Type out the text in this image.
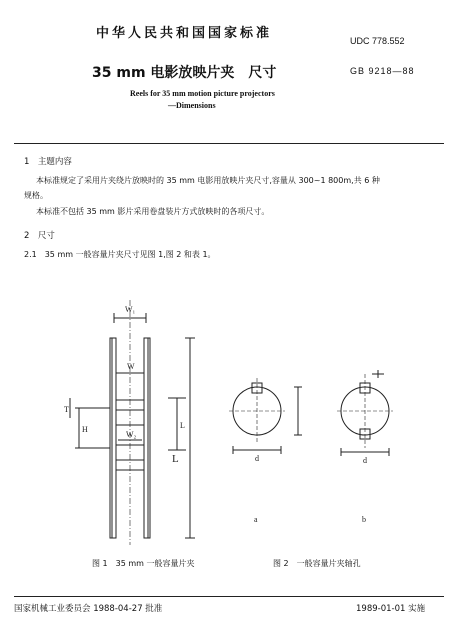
中华人民共和国国家标准	UDC 778.552
35 mm 电影放映片夹　尺寸	GB 9218—88
Reels for 35 mm motion picture projectors
—Dimensions
1　主题内容
本标准规定了采用片夹绕片放映时的 35 mm 电影用放映片夹尺寸,容量从 300~1 800m,共 6 种
规格。
本标准不包括 35 mm 影片采用卷盘装片方式放映时的各项尺寸。
2　尺寸
2.1　35 mm 一般容量片夹尺寸见图 1,图 2 和表 1。
W₁
W
W₂
T
H	L
L	d	d
a	b
图 1　35 mm 一般容量片夹	图 2　一般容量片夹轴孔
国家机械工业委员会 1988-04-27 批准	1989-01-01 实施
